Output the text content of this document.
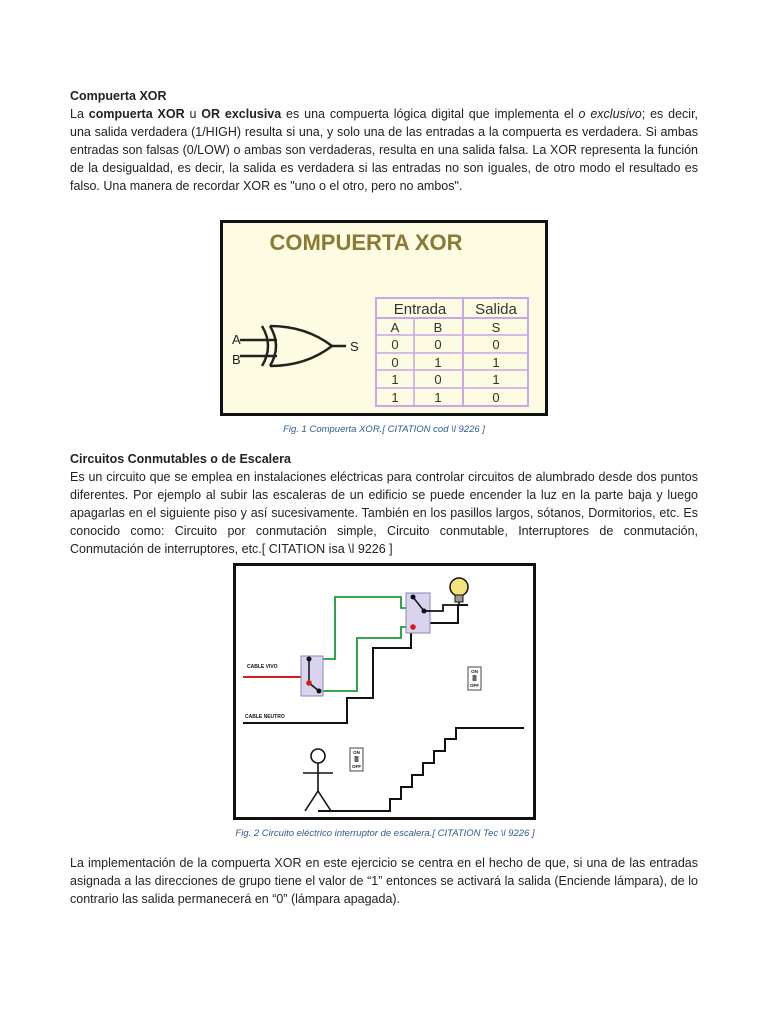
Compuerta XOR

La compuerta XOR u OR exclusiva es una compuerta lógica digital que implementa el o exclusivo; es decir, una salida verdadera (1/HIGH) resulta si una, y solo una de las entradas a la compuerta es verdadera. Si ambas entradas son falsas (0/LOW) o ambas son verdaderas, resulta en una salida falsa. La XOR representa la función de la desigualdad, es decir, la salida es verdadera si las entradas no son iguales, de otro modo el resultado es falso. Una manera de recordar XOR es "uno o el otro, pero no ambos".

COMPUERTA XOR
A
B
S
Entrada Salida
A	B	S
0	0	0
0	1	1
1	0	1
1	1	0
Fig. 1 Compuerta XOR.[ CITATION cod \l 9226 ]

Circuitos Conmutables o de Escalera

Es un circuito que se emplea en instalaciones eléctricas para controlar circuitos de alumbrado desde dos puntos diferentes. Por ejemplo al subir las escaleras de un edificio se puede encender la luz en la parte baja y luego apagarlas en el siguiente piso y así sucesivamente. También en los pasillos largos, sótanos, Dormitorios, etc. Es conocido como: Circuito por conmutación simple, Circuito conmutable, Interruptores de conmutación, Conmutación de interruptores, etc.[ CITATION isa \l 9226 ]

CABLE VIVO
CABLE NEUTRO
ON
OFF
ON
OFF
Fig. 2 Circuito eléctrico interruptor de escalera.[ CITATION Tec \l 9226 ]

La implementación de la compuerta XOR en este ejercicio se centra en el hecho de que, si una de las entradas asignada a las direcciones de grupo tiene el valor de “1” entonces se activará la salida (Enciende lámpara), de lo contrario las salida permanecerá en “0” (lámpara apagada).
